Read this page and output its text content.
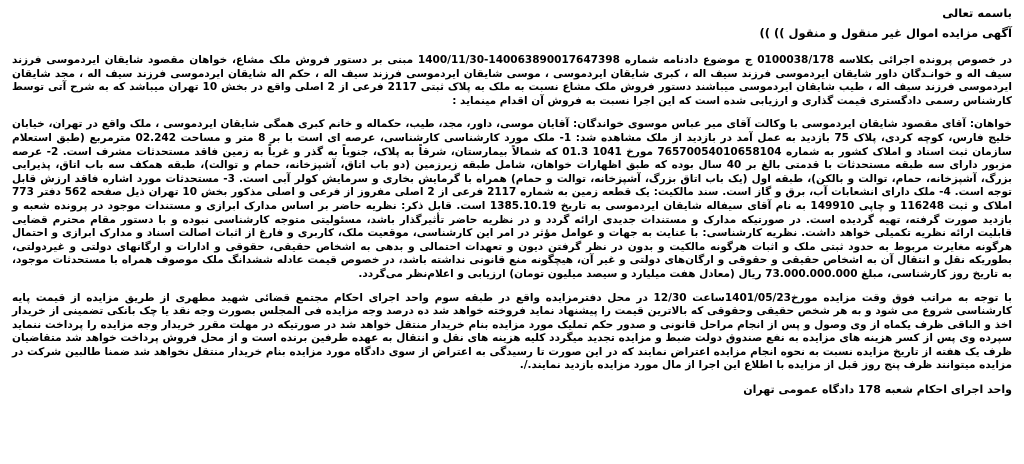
باسمه تعالی
آگهی مزایده اموال غیر منقول و منقول )) ))

در خصوص پرونده اجرائی بکلاسه 0100038/178 ج موضوع دادنامه شماره 140063890017647398-1400/11/30 مبنی بر دستور فروش ملک مشاع، خواهان مقصود شایقان ایردموسی فرزند سیف اله و خوانـدگان داور شایقان ایردموسی فرزند سیف اله ، کبری شایقان ایردموسی ، موسی شایقان ایردموسی فرزند سیف اله ، حکم اله شایقان ایردموسی فرزند سیف اله ، مجد شایقان ایردموسی فرزند سیف اله ، طیب شایقان ایردموسی میباشند دستور فروش ملک مشاع نسبت به ملک به پلاک ثبتی 2117 فرعی از 2 اصلی واقع در بخش 10 تهران میباشد که به شرح آتی توسط کارشناس رسمی دادگستری قیمت گذاری و ارزیابی شده است که این اجرا نسبت به فروش آن اقدام مینماید :

خواهان: آقای مقصود شایقان ایردموسی با وکالت آقای میر عباس موسوی خواندگان: آقایان موسی، داور، مجد، طیب، حکماله و خانم کبری همگی شایقان ایردموسی ، ملک واقع در تهران، خیابان خلیج فارس، کوچه کردی، پلاک 75 بازدید به عمل آمد در بازدید از ملک مشاهده شد: 1- ملک مورد کارشناسی کارشناسی، عرصه ای است با بر 8 متر و مساحت 02.242 مترمربع (طبق استعلام سازمان ثبت اسناد و املاک کشور به شماره 76570054010658104 مورخ 1041 01.3 که شمالاً بیمارستان، شرقاً به پلاک، جنوباً به گذر و غرباً به زمین فاقد مستحدثات مشرف است. 2- عرصه مزبور دارای سه طبقه مستحدثات با قدمتی بالغ بر 40 سال بوده که طبق اظهارات خواهان، شامل طبقه زیرزمین (دو باب اتاق، آشپزخانه، حمام و توالت)، طبقه همکف سه باب اتاق، پذیرایی بزرگ، آشپزخانه، حمام، توالت و بالکن)، طبقه اول (یک باب اتاق بزرگ، آشپزخانه، توالت و حمام) همراه با گرمایش بخاری و سرمایش کولر آبی است. 3- مستحدثات مورد اشاره فاقد ارزش قابل توجه است. 4- ملک دارای انشعابات آب، برق و گاز است. سند مالکیت: یک قطعه زمین به شماره 2117 فرعی از 2 اصلی مفروز از فرعی و اصلی مذکور بخش 10 تهران ذیل صفحه 562 دفتر 773 املاک و ثبت 116248 و چاپی 149910 به نام آقای سیفاله شایقان ایردموسی به تاریخ 1385.10.19 است. قابل ذکر: نظریه حاضر بر اساس مدارک ابرازی و مستندات موجود در پرونده شعبه و بازدید صورت گرفته، تهیه گردیده است. در صورتیکه مدارک و مستندات جدیدی ارائه گردد و در نظریه حاضر تأثیرگذار باشد، مسئولیتی متوجه کارشناسی نبوده و با دستور مقام محترم قضایی قابلیت ارائه نظریه تکمیلی خواهد داشت. نظریه کارشناسی: با عنایت به جهات و عوامل مؤثر در امر این کارشناسی، موقعیت ملک، کاربری و فارغ از اثبات اصالت اسناد و مدارک ابرازی و احتمال هرگونه مغایرت مربوط به حدود ثبتی ملک و اثبات هرگونه مالکیت و بدون در نظر گرفتن دیون و تعهدات احتمالی و بدهی به اشخاص حقیقی، حقوقی و ادارات و ارگانهای دولتی و غیردولتی، بطوریکه نقل و انتقال آن به اشخاص حقیقی و حقوقی و ارگان‌های دولتی و غیر آن، هیچگونه منع قانونی نداشته باشد، در خصوص قیمت عادله ششدانگ ملک موصوف همراه با مستحدثات موجود، به تاریخ روز کارشناسی، مبلغ 73.000.000.000 ریال (معادل هفت میلیارد و سیصد میلیون تومان) ارزیابی و اعلام‌نظر می‌گردد.

با توجه به مراتب فوق وقت مزایده مورخ1401/05/23ساعت 12/30 در محل دفترمزایده واقع در طبقه سوم واحد اجرای احکام مجتمع قضائی شهید مطهری از طریق مزایده از قیمت پایه کارشناسی شروع می شود و به هر شخص حقیقی وحقوقی که بالاترین قیمت را پیشنهاد نماید فروخته خواهد شد ده درصد وجه مزایده فی المجلس بصورت وجه نقد یا چک بانکی تضمینی از خریدار اخذ و الباقی ظرف یکماه از وی وصول و پس از انجام مراحل قانونی و صدور حکم تملیک مورد مزایده بنام خریدار منتقل خواهد شد در صورتیکه در مهلت مقرر خریدار وجه مزایده را پرداخت ننماید سپرده وی پس از کسر هزینه های مزایده به نفع صندوق دولت ضبط و مزایده تجدید میگردد کلیه هزینه های نقل و انتقال به عهده طرفین برنده است و از محل فروش پرداخت خواهد شد متقاضیان ظرف یک هفته از تاریخ مزایده نسبت به نحوه انجام مزایده اعتراض نمایند که در این صورت تا رسیدگی به اعتراض از سوی دادگاه مورد مزایده بنام خریدار منتقل نخواهد شد ضمنا طالبین شرکت در مزایده میتوانند ظرف پنج روز قبل از مزایده با اطلاع این اجرا از مال مورد مزایده بازدید نمایند./.

واحد اجرای احکام شعبه 178 دادگاه عمومی تهران
